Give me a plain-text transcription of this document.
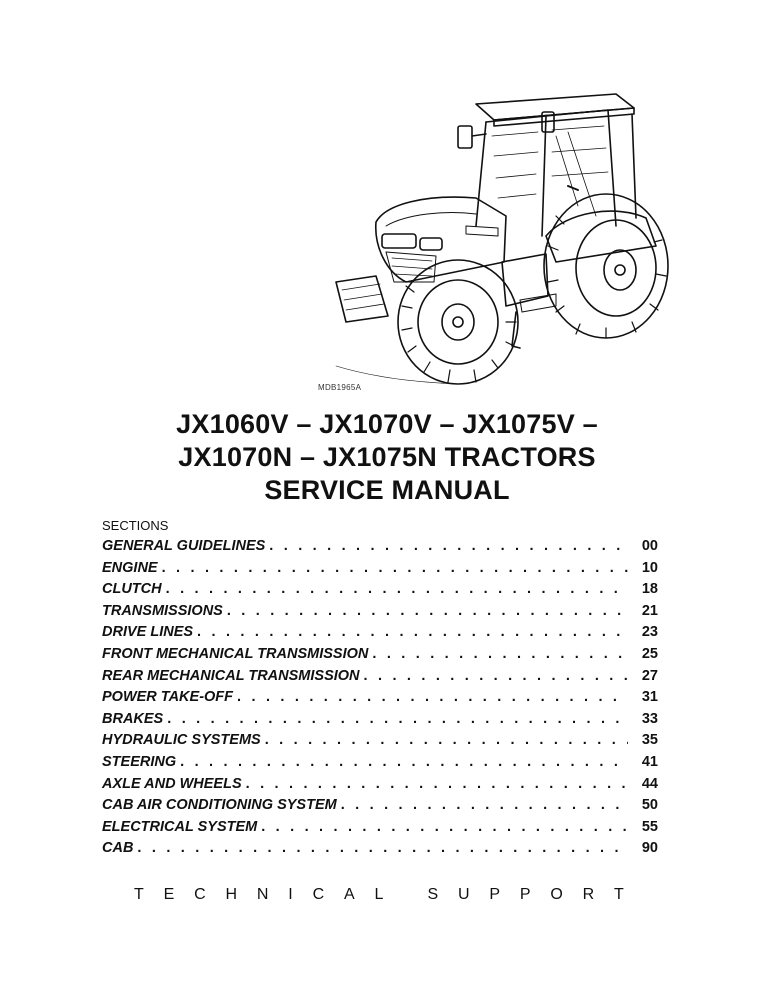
MDB1965A
JX1060V – JX1070V – JX1075V –
JX1070N – JX1075N TRACTORS
SERVICE MANUAL
SECTIONS
GENERAL GUIDELINES . . .	00
ENGINE . . .	10
CLUTCH . . .	18
TRANSMISSIONS . . .	21
DRIVE LINES . . .	23
FRONT MECHANICAL TRANSMISSION . . .	25
REAR MECHANICAL TRANSMISSION . . .	27
POWER TAKE-OFF . . .	31
BRAKES . . .	33
HYDRAULIC SYSTEMS . . .	35
STEERING . . .	41
AXLE AND WHEELS . . .	44
CAB AIR CONDITIONING SYSTEM . . .	50
ELECTRICAL SYSTEM . . .	55
CAB . . .	90
T E C H N I C A L
	S U P P O R T
